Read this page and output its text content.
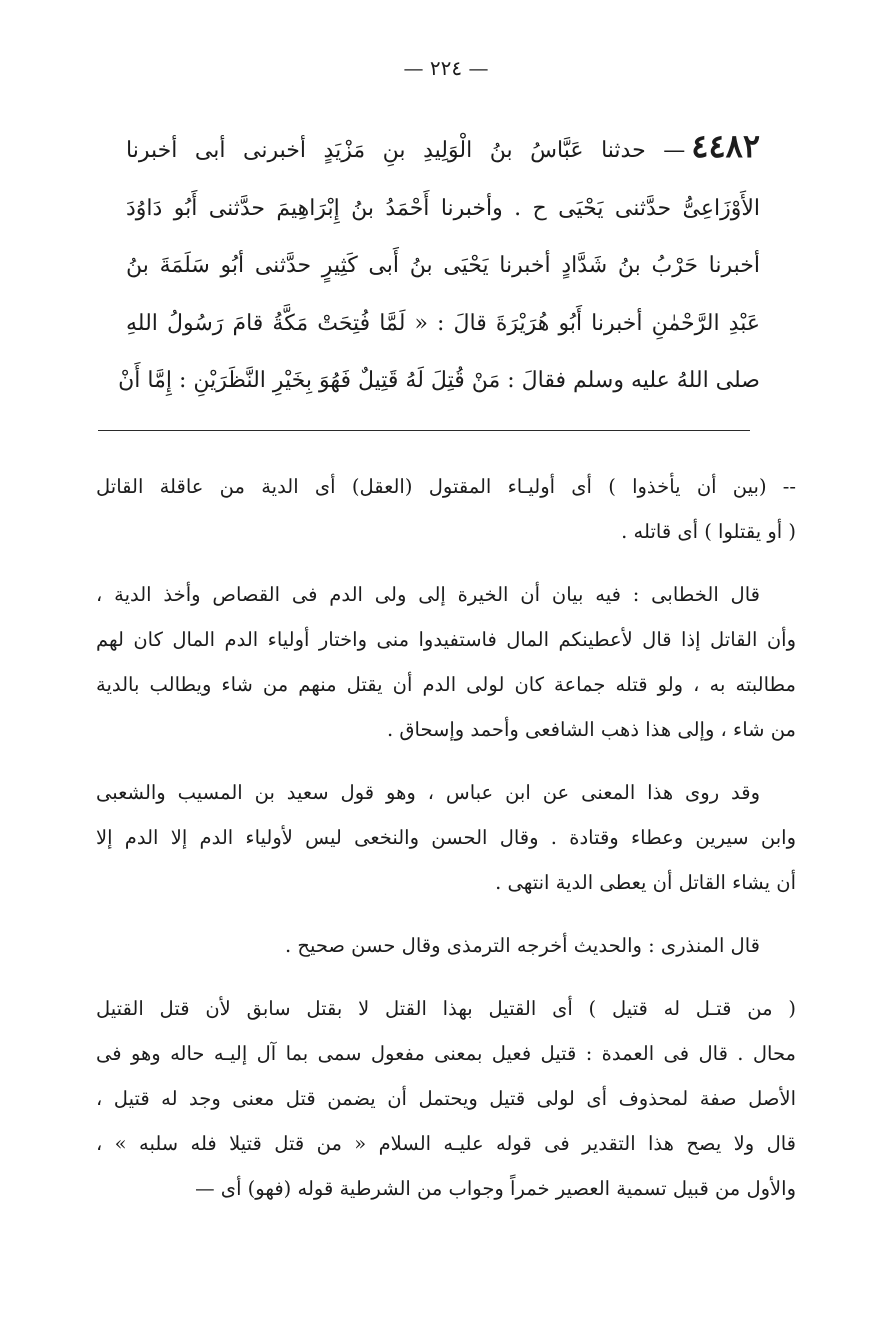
— ٢٢٤ —
٤٤٨٢— حدثنا عَبَّاسُ بنُ الْوَلِيدِ بنِ مَزْيَدٍ أخبرنى أبى أخبرنا
الأَوْزَاعِىُّ حدَّثنى يَحْيَى ح . وأخبرنا أَحْمَدُ بنُ إِبْرَاهِيمَ حدَّثنى أَبُو دَاوُدَ
أخبرنا حَرْبُ بنُ شَدَّادٍ أخبرنا يَحْيَى بنُ أَبى كَثِيرٍ حدَّثنى أبُو سَلَمَةَ بنُ
عَبْدِ الرَّحْمٰنِ أخبرنا أَبُو هُرَيْرَةَ قالَ : « لَمَّا فُتِحَتْ مَكَّةُ قامَ رَسُولُ اللهِ
صلى اللهُ عليه وسلم فقالَ : مَنْ قُتِلَ لَهُ قَتِيلٌ فَهُوَ بِخَيْرِ النَّظَرَيْنِ : إِمَّا أَنْ
-- (بين أن يأخذوا ) أى أوليـاء المقتول (العقل) أى الدية من عاقلة القاتل
( أو يقتلوا ) أى قاتله .
قال الخطابى : فيه بيان أن الخيرة إلى ولى الدم فى القصاص وأخذ الدية ،
وأن القاتل إذا قال لأعطينكم المال فاستفيدوا منى واختار أولياء الدم المال كان لهم
مطالبته به ، ولو قتله جماعة كان لولى الدم أن يقتل منهم من شاء ويطالب بالدية
من شاء ، وإلى هذا ذهب الشافعى وأحمد وإسحاق .
وقد روى هذا المعنى عن ابن عباس ، وهو قول سعيد بن المسيب والشعبى
وابن سيرين وعطاء وقتادة . وقال الحسن والنخعى ليس لأولياء الدم إلا الدم إلا
أن يشاء القاتل أن يعطى الدية انتهى .
قال المنذرى : والحديث أخرجه الترمذى وقال حسن صحيح .
( من قتـل له قتيل ) أى القتيل بهذا القتل لا بقتل سابق لأن قتل القتيل
محال . قال فى العمدة : قتيل فعيل بمعنى مفعول سمى بما آل إليـه حاله وهو فى
الأصل صفة لمحذوف أى لولى قتيل ويحتمل أن يضمن قتل معنى وجد له قتيل ،
قال ولا يصح هذا التقدير فى قوله عليـه السلام « من قتل قتيلا فله سلبه » ،
والأول من قبيل تسمية العصير خمراً وجواب من الشرطية قوله (فهو) أى —
